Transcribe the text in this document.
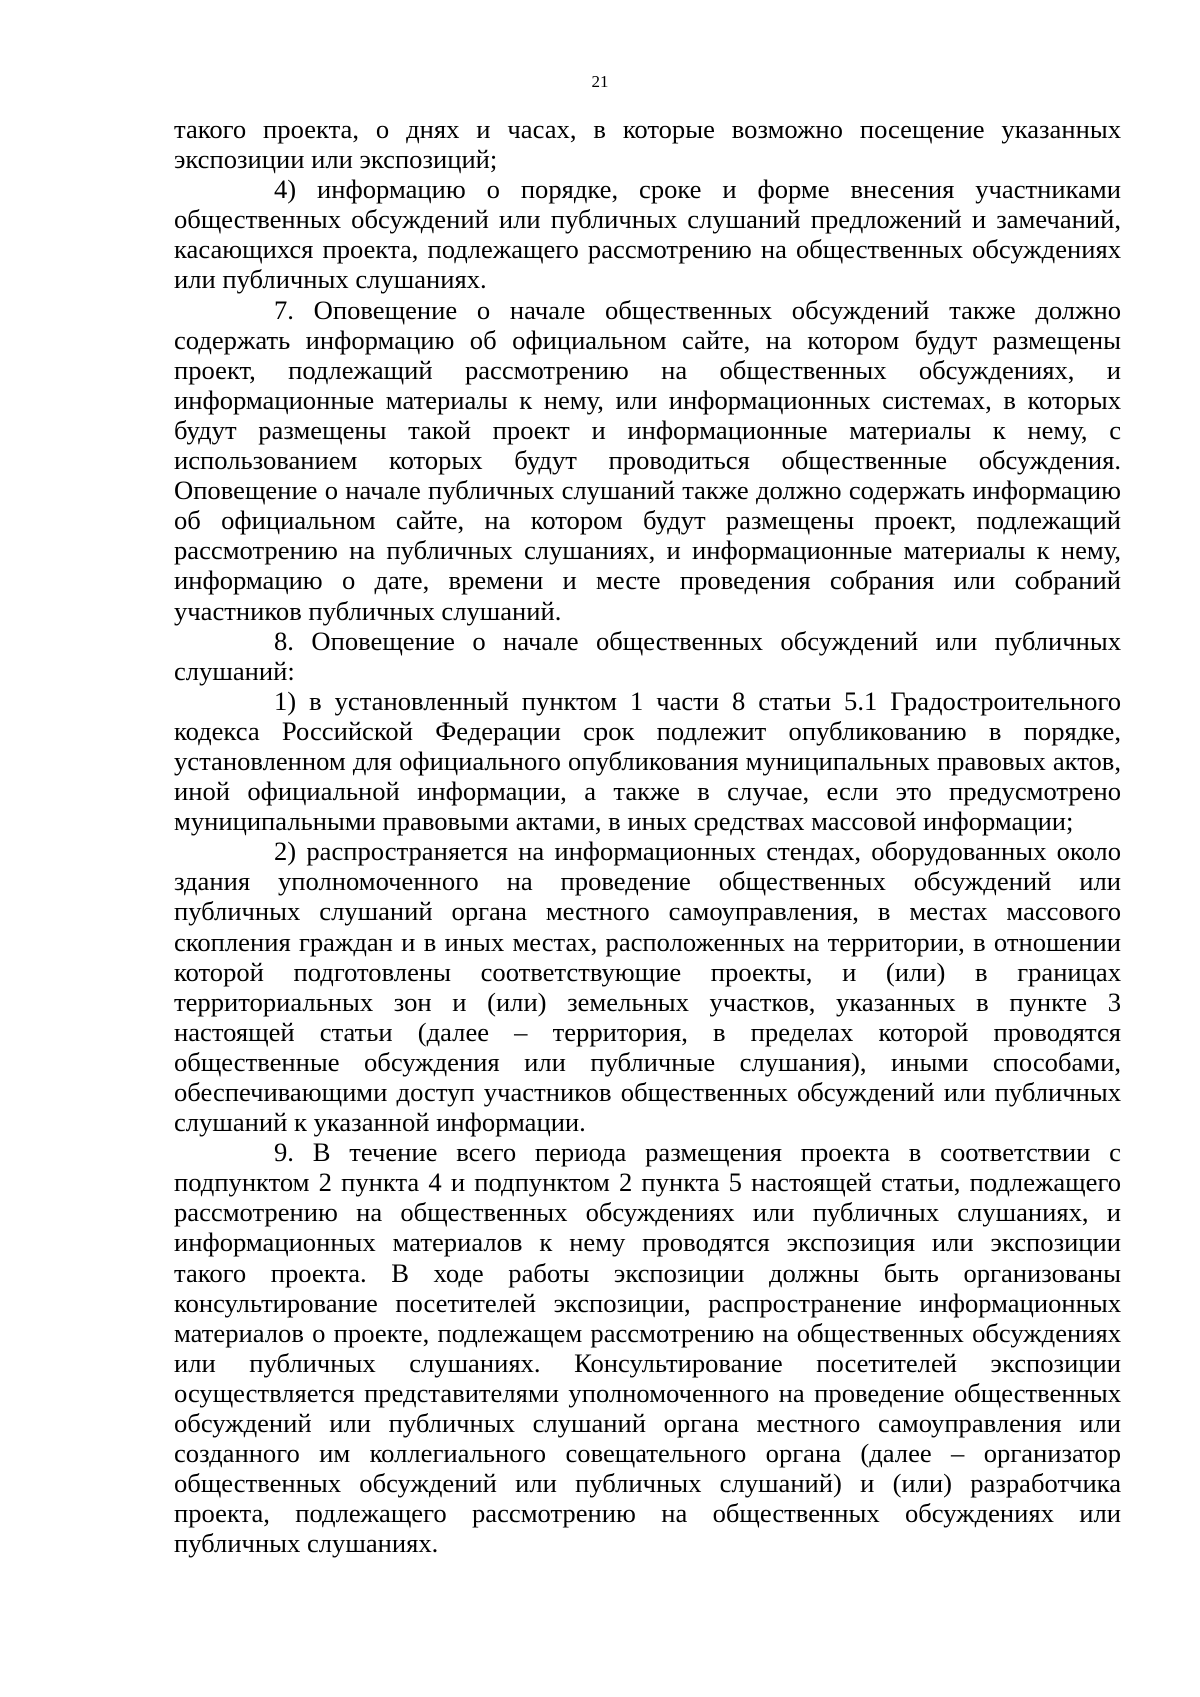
21

такого проекта, о днях и часах, в которые возможно посещение указанных экспозиции или экспозиций;

4) информацию о порядке, сроке и форме внесения участниками общественных обсуждений или публичных слушаний предложений и замечаний, касающихся проекта, подлежащего рассмотрению на общественных обсуждениях или публичных слушаниях.

7. Оповещение о начале общественных обсуждений также должно содержать информацию об официальном сайте, на котором будут размещены проект, подлежащий рассмотрению на общественных обсуждениях, и информационные материалы к нему, или информационных системах, в которых будут размещены такой проект и информационные материалы к нему, с использованием которых будут проводиться общественные обсуждения. Оповещение о начале публичных слушаний также должно содержать информацию об официальном сайте, на котором будут размещены проект, подлежащий рассмотрению на публичных слушаниях, и информационные материалы к нему, информацию о дате, времени и месте проведения собрания или собраний участников публичных слушаний.

8. Оповещение о начале общественных обсуждений или публичных слушаний:

1) в установленный пунктом 1 части 8 статьи 5.1 Градостроительного кодекса Российской Федерации срок подлежит опубликованию в порядке, установленном для официального опубликования муниципальных правовых актов, иной официальной информации, а также в случае, если это предусмотрено муниципальными правовыми актами, в иных средствах массовой информации;

2) распространяется на информационных стендах, оборудованных около здания уполномоченного на проведение общественных обсуждений или публичных слушаний органа местного самоуправления, в местах массового скопления граждан и в иных местах, расположенных на территории, в отношении которой подготовлены соответствующие проекты, и (или) в границах территориальных зон и (или) земельных участков, указанных в пункте 3 настоящей статьи (далее – территория, в пределах которой проводятся общественные обсуждения или публичные слушания), иными способами, обеспечивающими доступ участников общественных обсуждений или публичных слушаний к указанной информации.

9. В течение всего периода размещения проекта в соответствии с подпунктом 2 пункта 4 и подпунктом 2 пункта 5 настоящей статьи, подлежащего рассмотрению на общественных обсуждениях или публичных слушаниях, и информационных материалов к нему проводятся экспозиция или экспозиции такого проекта. В ходе работы экспозиции должны быть организованы консультирование посетителей экспозиции, распространение информационных материалов о проекте, подлежащем рассмотрению на общественных обсуждениях или публичных слушаниях. Консультирование посетителей экспозиции осуществляется представителями уполномоченного на проведение общественных обсуждений или публичных слушаний органа местного самоуправления или созданного им коллегиального совещательного органа (далее – организатор общественных обсуждений или публичных слушаний) и (или) разработчика проекта, подлежащего рассмотрению на общественных обсуждениях или публичных слушаниях.
